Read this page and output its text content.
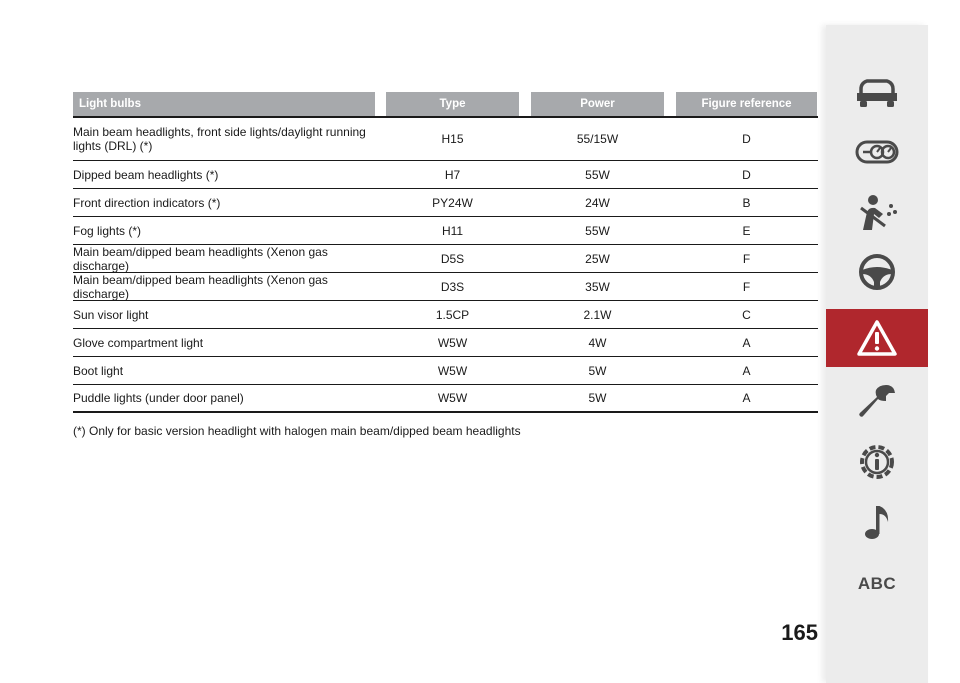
Light bulbs	Type	Power	Figure reference
Main beam headlights, front side lights/daylight running lights (DRL) (*)	H15	55/15W	D
Dipped beam headlights (*)	H7	55W	D
Front direction indicators (*)	PY24W	24W	B
Fog lights (*)	H11	55W	E
Main beam/dipped beam headlights (Xenon gas discharge)	D5S	25W	F
Main beam/dipped beam headlights (Xenon gas discharge)	D3S	35W	F
Sun visor light	1.5CP	2.1W	C
Glove compartment light	W5W	4W	A
Boot light	W5W	5W	A
Puddle lights (under door panel)	W5W	5W	A
(*) Only for basic version headlight with halogen main beam/dipped beam headlights
165
ABC
